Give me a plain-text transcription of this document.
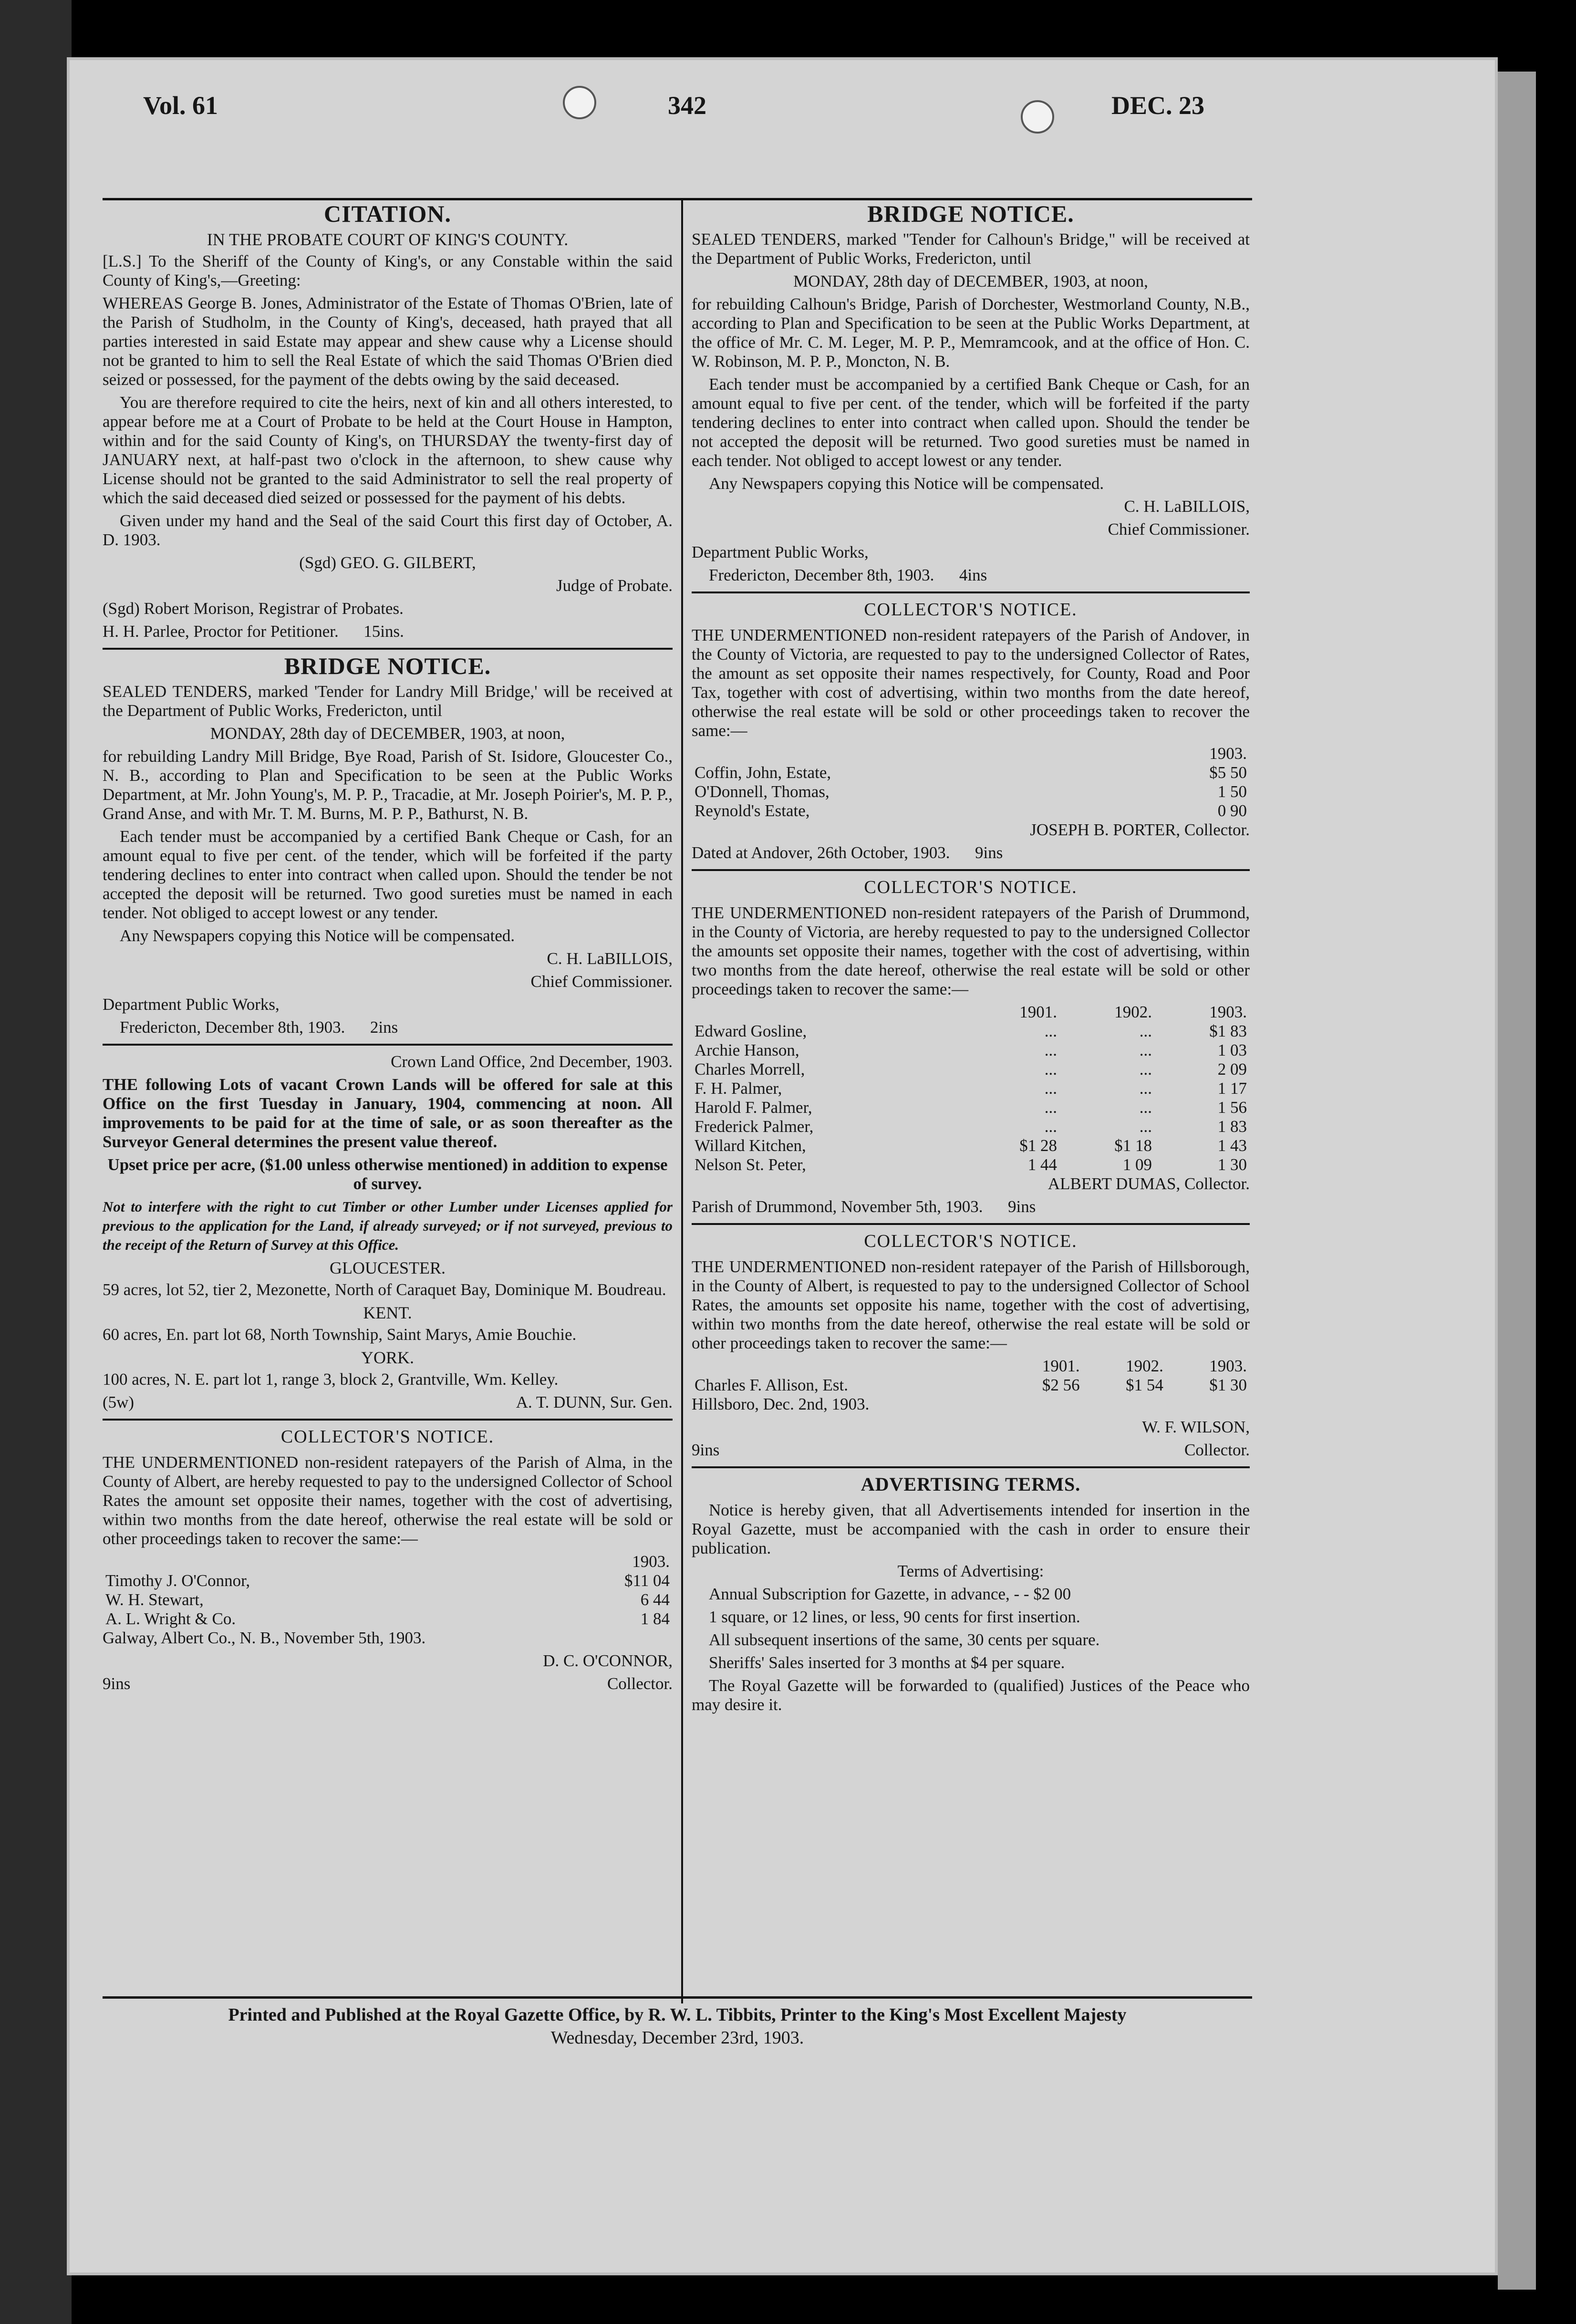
Vol. 61	342	DEC. 23
CITATION.
IN THE PROBATE COURT OF KING'S COUNTY.

[L.S.] To the Sheriff of the County of King's, or any Constable within the said County of King's,—Greeting:

WHEREAS George B. Jones, Administrator of the Estate of Thomas O'Brien, late of the Parish of Studholm, in the County of King's, deceased, hath prayed that all parties interested in said Estate may appear and shew cause why a License should not be granted to him to sell the Real Estate of which the said Thomas O'Brien died seized or possessed, for the payment of the debts owing by the said deceased.

You are therefore required to cite the heirs, next of kin and all others interested, to appear before me at a Court of Probate to be held at the Court House in Hampton, within and for the said County of King's, on THURSDAY the twenty-first day of JANUARY next, at half-past two o'clock in the afternoon, to shew cause why License should not be granted to the said Administrator to sell the real property of which the said deceased died seized or possessed for the payment of his debts.

Given under my hand and the Seal of the said Court this first day of October, A. D. 1903.

(Sgd) GEO. G. GILBERT,

Judge of Probate.

(Sgd) Robert Morison, Registrar of Probates.

H. H. Parlee, Proctor for Petitioner. 15ins.

BRIDGE NOTICE.

SEALED TENDERS, marked 'Tender for Landry Mill Bridge,' will be received at the Department of Public Works, Fredericton, until

MONDAY, 28th day of DECEMBER, 1903, at noon,

for rebuilding Landry Mill Bridge, Bye Road, Parish of St. Isidore, Gloucester Co., N. B., according to Plan and Specification to be seen at the Public Works Department, at Mr. John Young's, M. P. P., Tracadie, at Mr. Joseph Poirier's, M. P. P., Grand Anse, and with Mr. T. M. Burns, M. P. P., Bathurst, N. B.

Each tender must be accompanied by a certified Bank Cheque or Cash, for an amount equal to five per cent. of the tender, which will be forfeited if the party tendering declines to enter into contract when called upon. Should the tender be not accepted the deposit will be returned. Two good sureties must be named in each tender. Not obliged to accept lowest or any tender.

Any Newspapers copying this Notice will be compensated.

C. H. LaBILLOIS,

Chief Commissioner.

Department Public Works,

Fredericton, December 8th, 1903. 2ins

Crown Land Office, 2nd December, 1903.

THE following Lots of vacant Crown Lands will be offered for sale at this Office on the first Tuesday in January, 1904, commencing at noon. All improvements to be paid for at the time of sale, or as soon thereafter as the Surveyor General determines the present value thereof.

Upset price per acre, ($1.00 unless otherwise mentioned) in addition to expense of survey.

Not to interfere with the right to cut Timber or other Lumber under Licenses applied for previous to the application for the Land, if already surveyed; or if not surveyed, previous to the receipt of the Return of Survey at this Office.

GLOUCESTER.

59 acres, lot 52, tier 2, Mezonette, North of Caraquet Bay, Dominique M. Boudreau.

KENT.

60 acres, En. part lot 68, North Township, Saint Marys, Amie Bouchie.

YORK.

100 acres, N. E. part lot 1, range 3, block 2, Grantville, Wm. Kelley.

(5w)	A. T. DUNN, Sur. Gen.

COLLECTOR'S NOTICE.

THE UNDERMENTIONED non-resident ratepayers of the Parish of Alma, in the County of Albert, are hereby requested to pay to the undersigned Collector of School Rates the amount set opposite their names, together with the cost of advertising, within two months from the date hereof, otherwise the real estate will be sold or other proceedings taken to recover the same:—

	1903.
Timothy J. O'Connor,	$11 04
W. H. Stewart,	6 44
A. L. Wright & Co.	1 84

Galway, Albert Co., N. B., November 5th, 1903.

D. C. O'CONNOR,

9ins	Collector.

BRIDGE NOTICE.

SEALED TENDERS, marked "Tender for Calhoun's Bridge," will be received at the Department of Public Works, Fredericton, until

MONDAY, 28th day of DECEMBER, 1903, at noon,

for rebuilding Calhoun's Bridge, Parish of Dorchester, Westmorland County, N.B., according to Plan and Specification to be seen at the Public Works Department, at the office of Mr. C. M. Leger, M. P. P., Memramcook, and at the office of Hon. C. W. Robinson, M. P. P., Moncton, N. B.

Each tender must be accompanied by a certified Bank Cheque or Cash, for an amount equal to five per cent. of the tender, which will be forfeited if the party tendering declines to enter into contract when called upon. Should the tender be not accepted the deposit will be returned. Two good sureties must be named in each tender. Not obliged to accept lowest or any tender.

Any Newspapers copying this Notice will be compensated.

C. H. LaBILLOIS,

Chief Commissioner.

Department Public Works,

Fredericton, December 8th, 1903. 4ins

COLLECTOR'S NOTICE.

THE UNDERMENTIONED non-resident ratepayers of the Parish of Andover, in the County of Victoria, are requested to pay to the undersigned Collector of Rates, the amount as set opposite their names respectively, for County, Road and Poor Tax, together with cost of advertising, within two months from the date hereof, otherwise the real estate will be sold or other proceedings taken to recover the same:—

	1903.
Coffin, John, Estate,	$5 50
O'Donnell, Thomas,	1 50
Reynold's Estate,	0 90

JOSEPH B. PORTER, Collector.

Dated at Andover, 26th October, 1903. 9ins

COLLECTOR'S NOTICE.

THE UNDERMENTIONED non-resident ratepayers of the Parish of Drummond, in the County of Victoria, are hereby requested to pay to the undersigned Collector the amounts set opposite their names, together with the cost of advertising, within two months from the date hereof, otherwise the real estate will be sold or other proceedings taken to recover the same:—

	1901.	1902.	1903.
Edward Gosline,	...	...	$1 83
Archie Hanson,	...	...	1 03
Charles Morrell,	...	...	2 09
F. H. Palmer,	...	...	1 17
Harold F. Palmer,	...	...	1 56
Frederick Palmer,	...	...	1 83
Willard Kitchen,	$1 28	$1 18	1 43
Nelson St. Peter,	1 44	1 09	1 30

ALBERT DUMAS, Collector.

Parish of Drummond, November 5th, 1903. 9ins

COLLECTOR'S NOTICE.

THE UNDERMENTIONED non-resident ratepayer of the Parish of Hillsborough, in the County of Albert, is requested to pay to the undersigned Collector of School Rates, the amounts set opposite his name, together with the cost of advertising, within two months from the date hereof, otherwise the real estate will be sold or other proceedings taken to recover the same:—

	1901.	1902.	1903.
Charles F. Allison, Est.	$2 56	$1 54	$1 30

Hillsboro, Dec. 2nd, 1903.

W. F. WILSON,

9ins	Collector.

ADVERTISING TERMS.

Notice is hereby given, that all Advertisements intended for insertion in the Royal Gazette, must be accompanied with the cash in order to ensure their publication.

Terms of Advertising:

Annual Subscription for Gazette, in advance, - - $2 00

1 square, or 12 lines, or less, 90 cents for first insertion.

All subsequent insertions of the same, 30 cents per square.

Sheriffs' Sales inserted for 3 months at $4 per square.

The Royal Gazette will be forwarded to (qualified) Justices of the Peace who may desire it.

Printed and Published at the Royal Gazette Office, by R. W. L. Tibbits, Printer to the King's Most Excellent Majesty
Wednesday, December 23rd, 1903.
